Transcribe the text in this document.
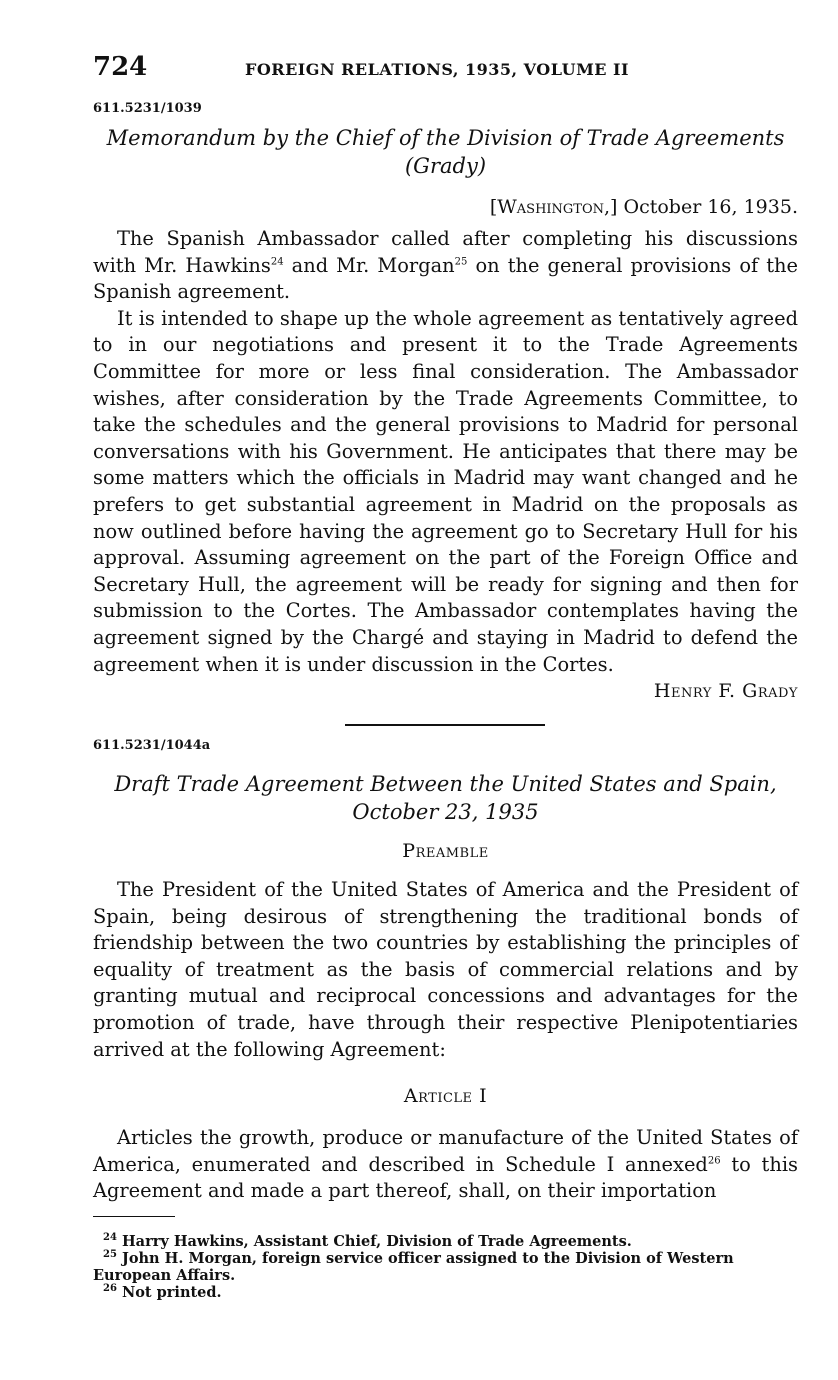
724	FOREIGN RELATIONS, 1935, VOLUME II
611.5231/1039
Memorandum by the Chief of the Division of Trade Agreements
(Grady)
[Washington,] October 16, 1935.

The Spanish Ambassador called after completing his discussions with Mr. Hawkins$^{24}$ and Mr. Morgan$^{25}$ on the general provisions of the Spanish agreement.

It is intended to shape up the whole agreement as tentatively agreed to in our negotiations and present it to the Trade Agreements Committee for more or less final consideration. The Ambassador wishes, after consideration by the Trade Agreements Committee, to take the schedules and the general provisions to Madrid for personal conversations with his Government. He anticipates that there may be some matters which the officials in Madrid may want changed and he prefers to get substantial agreement in Madrid on the proposals as now outlined before having the agreement go to Secretary Hull for his approval. Assuming agreement on the part of the Foreign Office and Secretary Hull, the agreement will be ready for signing and then for submission to the Cortes. The Ambassador contemplates having the agreement signed by the Chargé and staying in Madrid to defend the agreement when it is under discussion in the Cortes.

Henry F. Grady
611.5231/1044a
Draft Trade Agreement Between the United States and Spain,
October 23, 1935
Preamble

The President of the United States of America and the President of Spain, being desirous of strengthening the traditional bonds of friendship between the two countries by establishing the principles of equality of treatment as the basis of commercial relations and by granting mutual and reciprocal concessions and advantages for the promotion of trade, have through their respective Plenipotentiaries arrived at the following Agreement:

Article I

Articles the growth, produce or manufacture of the United States of America, enumerated and described in Schedule I annexed$^{26}$ to this Agreement and made a part thereof, shall, on their importation

$^{24}$ Harry Hawkins, Assistant Chief, Division of Trade Agreements.

$^{25}$ John H. Morgan, foreign service officer assigned to the Division of Western European Affairs.

$^{26}$ Not printed.
